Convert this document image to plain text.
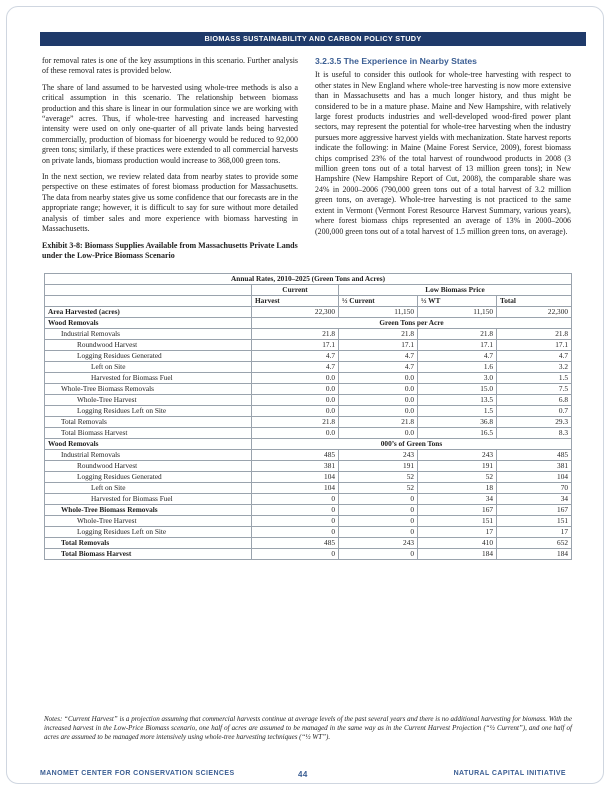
BIOMASS SUSTAINABILITY AND CARBON POLICY STUDY

for removal rates is one of the key assumptions in this scenario. Further analysis of these removal rates is provided below.

The share of land assumed to be harvested using whole-tree methods is also a critical assumption in this scenario. The relationship between biomass production and this share is linear in our formulation since we are working with “average” acres. Thus, if whole-tree harvesting and increased harvesting intensity were used on only one-quarter of all private lands being harvested commercially, production of biomass for bioenergy would be reduced to 92,000 green tons; similarly, if these practices were extended to all commercial harvests on private lands, biomass production would increase to 368,000 green tons.

In the next section, we review related data from nearby states to provide some perspective on these estimates of forest biomass production for Massachusetts. The data from nearby states give us some confidence that our forecasts are in the appropriate range; however, it is difficult to say for sure without more detailed analysis of timber sales and more experience with biomass harvesting in Massachusetts.

Exhibit 3-8: Biomass Supplies Available from Massachusetts Private Lands under the Low-Price Biomass Scenario
3.2.3.5 The Experience in Nearby States

It is useful to consider this outlook for whole-tree harvesting with respect to other states in New England where whole-tree harvesting is now more extensive than in Massachusetts and has a much longer history, and thus might be considered to be in a mature phase. Maine and New Hampshire, with relatively large forest products industries and well-developed wood-fired power plant sectors, may represent the potential for whole-tree harvesting when the industry pursues more aggressive harvest yields with mechanization. State harvest reports indicate the following: in Maine (Maine Forest Service, 2009), forest biomass chips comprised 23% of the total harvest of roundwood products in 2008 (3 million green tons out of a total harvest of 13 million green tons); in New Hampshire (New Hampshire Report of Cut, 2008), the comparable share was 24% in 2000–2006 (790,000 green tons out of a total harvest of 3.2 million green tons, on average). Whole-tree harvesting is not practiced to the same extent in Vermont (Vermont Forest Resource Harvest Summary, various years), where forest biomass chips represented an average of 13% in 2000–2006 (200,000 green tons out of a total harvest of 1.5 million green tons, on average).

Annual Rates, 2010–2025 (Green Tons and Acres)				
	Current	Low Biomass Price		
	Harvest	½ Current	½ WT	Total
Area Harvested (acres)	22,300	11,150	11,150	22,300
Wood Removals	Green Tons per Acre			
Industrial Removals	21.8	21.8	21.8	21.8
Roundwood Harvest	17.1	17.1	17.1	17.1
Logging Residues Generated	4.7	4.7	4.7	4.7
Left on Site	4.7	4.7	1.6	3.2
Harvested for Biomass Fuel	0.0	0.0	3.0	1.5
Whole-Tree Biomass Removals	0.0	0.0	15.0	7.5
Whole-Tree Harvest	0.0	0.0	13.5	6.8
Logging Residues Left on Site	0.0	0.0	1.5	0.7
Total Removals	21.8	21.8	36.8	29.3
Total Biomass Harvest	0.0	0.0	16.5	8.3
Wood Removals	000’s of Green Tons			
Industrial Removals	485	243	243	485
Roundwood Harvest	381	191	191	381
Logging Residues Generated	104	52	52	104
Left on Site	104	52	18	70
Harvested for Biomass Fuel	0	0	34	34
Whole-Tree Biomass Removals	0	0	167	167
Whole-Tree Harvest	0	0	151	151
Logging Residues Left on Site	0	0	17	17
Total Removals	485	243	410	652
Total Biomass Harvest	0	0	184	184
Notes: “Current Harvest” is a projection assuming that commercial harvests continue at average levels of the past several years and there is no additional harvesting for biomass. With the increased harvest in the Low-Price Biomass scenario, one half of acres are assumed to be managed in the same way as in the Current Harvest Projection (“½ Current”), and one half of acres are assumed to be managed more intensively using whole-tree harvesting techniques (“½ WT”).
MANOMET CENTER FOR CONSERVATION SCIENCES	44	NATURAL CAPITAL INITIATIVE
